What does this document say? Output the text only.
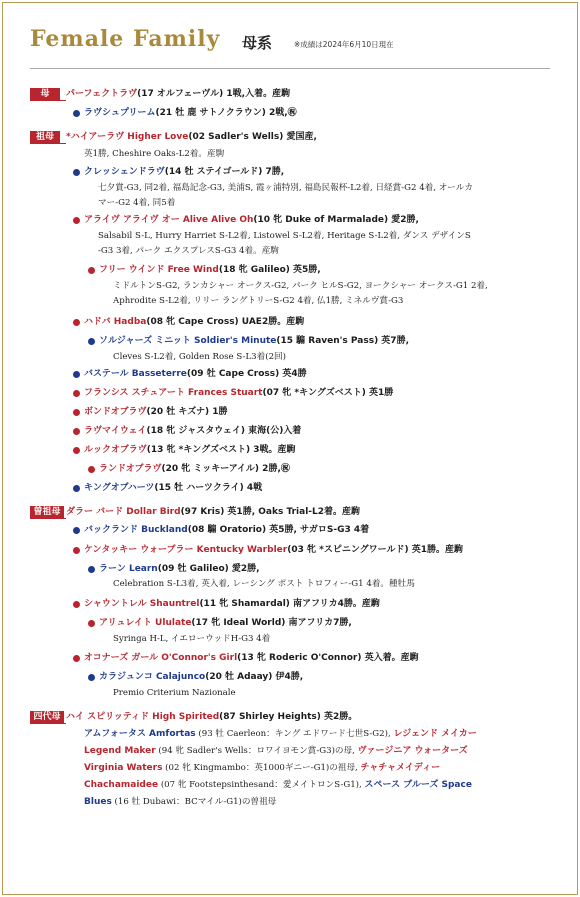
Female Family 母系	※成績は2024年6月10日現在
母	パーフェクトラヴ(17 オルフェーヴル) 1戦,入着。産駒
ラヴシュプリーム(21 牡 鹿 サトノクラウン) 2戦,㊗
祖母	*ハイアーラヴ Higher Love(02 Sadler's Wells) 愛国産,
英1勝, Cheshire Oaks-L2着。産駒
クレッシェンドラヴ(14 牡 ステイゴールド) 7勝,
七夕賞-G3, 同2着, 福島記念-G3, 美浦S, 霞ヶ浦特別, 福島民報杯-L2着, 日経賞-G2 4着, オールカ
マー-G2 4着, 同5着
アライヴ アライヴ オー Alive Alive Oh(10 牝 Duke of Marmalade) 愛2勝,
Salsabil S-L, Hurry Harriet S-L2着, Listowel S-L2着, Heritage S-L2着, ダンス デザインS
-G3 3着, パーク エクスプレスS-G3 4着。産駒
フリー ウインド Free Wind(18 牝 Galileo) 英5勝,
ミドルトンS-G2, ランカシャー オークス-G2, パーク ヒルS-G2, ヨークシャー オークス-G1 2着,
Aphrodite S-L2着, リリー ラングトリーS-G2 4着, 仏1勝, ミネルヴ賞-G3
ハドバ Hadba(08 牝 Cape Cross) UAE2勝。産駒
ソルジャーズ ミニット Soldier's Minute(15 騸 Raven's Pass) 英7勝,
Cleves S-L2着, Golden Rose S-L3着(2回)
バステール Basseterre(09 牡 Cape Cross) 英4勝
フランシス スチュアート Frances Stuart(07 牝 *キングズベスト) 英1勝
ボンドオブラヴ(20 牡 キズナ) 1勝
ラヴマイウェイ(18 牝 ジャスタウェイ) 東海(公)入着
ルックオブラヴ(13 牝 *キングズベスト) 3戦。産駒
ランドオブラヴ(20 牝 ミッキーアイル) 2勝,㊗
キングオブハーツ(15 牡 ハーツクライ) 4戦
曽祖母 ダラー バード Dollar Bird(97 Kris) 英1勝, Oaks Trial-L2着。産駒
バックランド Buckland(08 騸 Oratorio) 英5勝, サガロS-G3 4着
ケンタッキー ウォーブラー Kentucky Warbler(03 牝 *スピニングワールド) 英1勝。産駒
ラーン Learn(09 牡 Galileo) 愛2勝,
Celebration S-L3着, 英入着, レーシング ポスト トロフィー-G1 4着。種牡馬
シャウントレル Shauntrel(11 牝 Shamardal) 南アフリカ4勝。産駒
アリュレイト Ululate(17 牝 Ideal World) 南アフリカ7勝,
Syringa H-L, イエローウッドH-G3 4着
オコナーズ ガール O'Connor's Girl(13 牝 Roderic O'Connor) 英入着。産駒
カラジュンコ Calajunco(20 牡 Adaay) 伊4勝,
Premio Criterium Nazionale
四代母 ハイ スピリッティド High Spirited(87 Shirley Heights) 英2勝。
アムフォータス Amfortas (93 牡 Caerleon：キング エドワード七世S-G2), レジェンド メイカー
Legend Maker (94 牝 Sadler's Wells：ロワイヨモン賞-G3)の母, ヴァージニア ウォーターズ
Virginia Waters (02 牝 Kingmambo：英1000ギニー-G1)の祖母, チャチャメイディー
Chachamaidee (07 牝 Footstepsinthesand：愛メイトロンS-G1), スペース ブルーズ Space
Blues (16 牡 Dubawi：BCマイル-G1)の曽祖母
